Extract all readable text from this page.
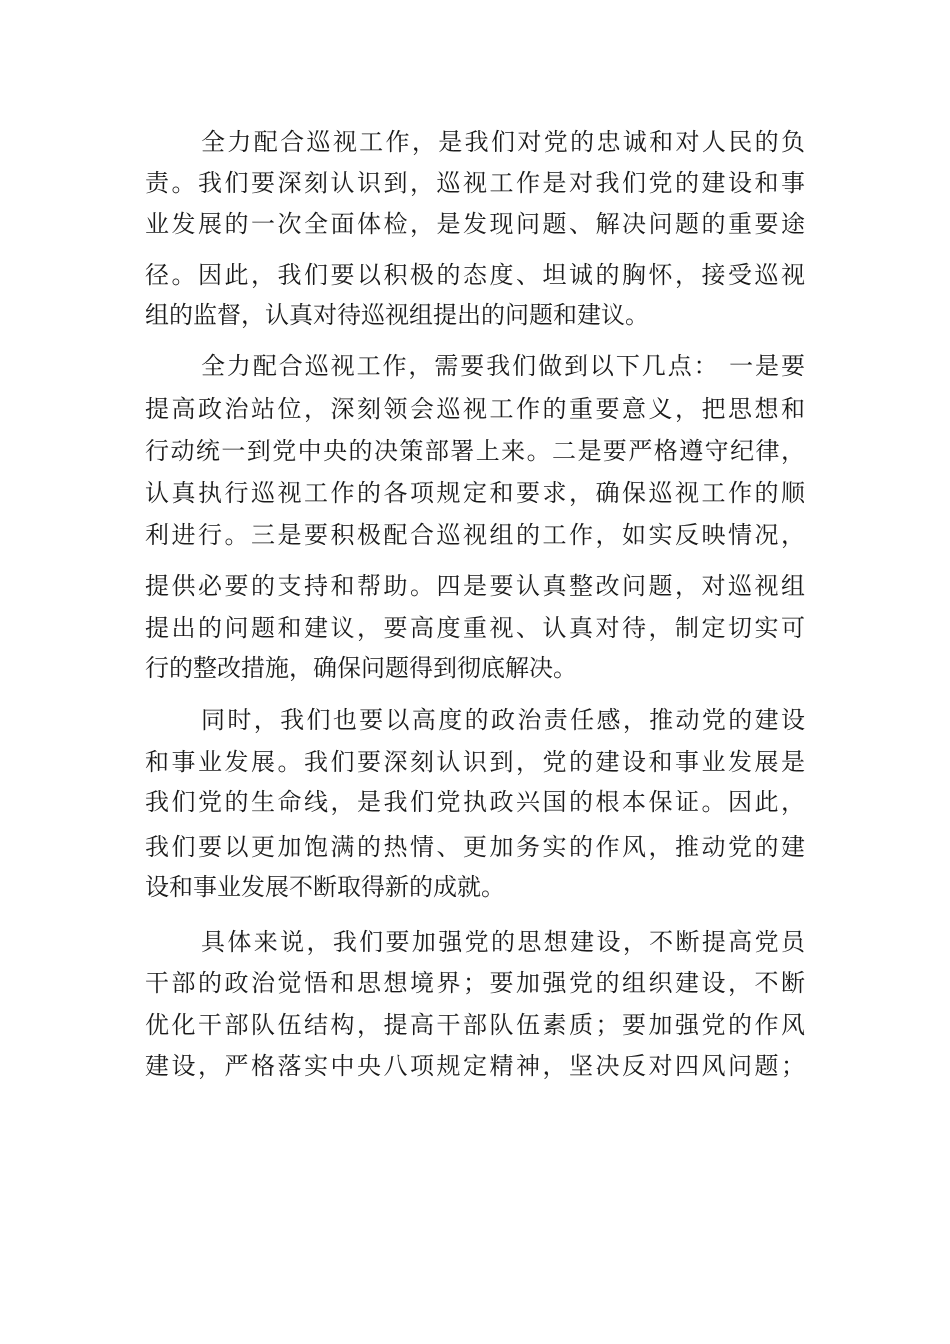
全力配合巡视工作，是我们对党的忠诚和对人民的负

责。我们要深刻认识到，巡视工作是对我们党的建设和事

业发展的一次全面体检，是发现问题、解决问题的重要途

径。因此，我们要以积极的态度、坦诚的胸怀，接受巡视

组的监督，认真对待巡视组提出的问题和建议。

全力配合巡视工作，需要我们做到以下几点： 一是要

提高政治站位，深刻领会巡视工作的重要意义，把思想和

行动统一到党中央的决策部署上来。二是要严格遵守纪律，

认真执行巡视工作的各项规定和要求，确保巡视工作的顺

利进行。三是要积极配合巡视组的工作，如实反映情况，

提供必要的支持和帮助。四是要认真整改问题，对巡视组

提出的问题和建议，要高度重视、认真对待，制定切实可

行的整改措施，确保问题得到彻底解决。

同时，我们也要以高度的政治责任感，推动党的建设

和事业发展。我们要深刻认识到，党的建设和事业发展是

我们党的生命线，是我们党执政兴国的根本保证。因此，

我们要以更加饱满的热情、更加务实的作风，推动党的建

设和事业发展不断取得新的成就。

具体来说，我们要加强党的思想建设，不断提高党员

干部的政治觉悟和思想境界；要加强党的组织建设，不断

优化干部队伍结构，提高干部队伍素质；要加强党的作风

建设，严格落实中央八项规定精神，坚决反对四风问题；
